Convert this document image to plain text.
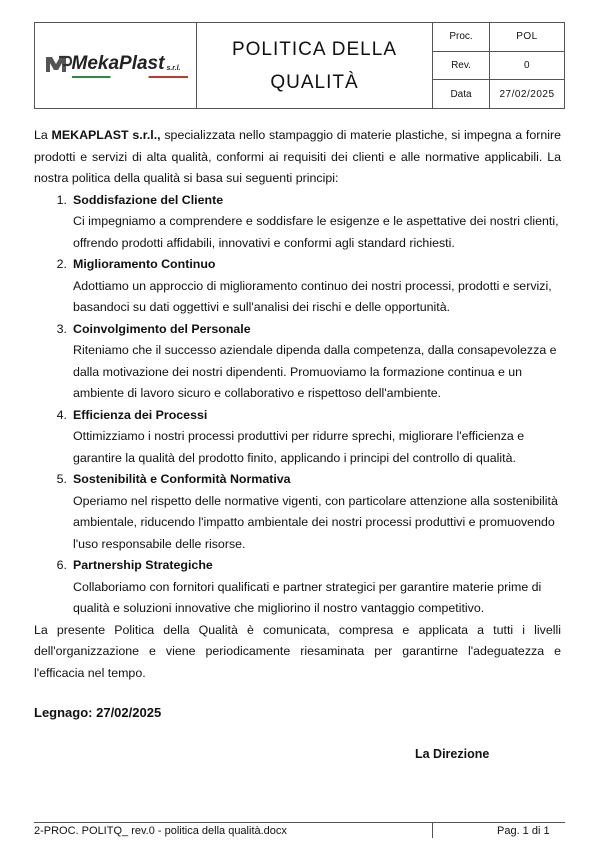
MekaPlast s.r.l.
POLITICA DELLA QUALITÀ
Proc.	POL
Rev.	0
Data	27/02/2025

La MEKAPLAST s.r.l., specializzata nello stampaggio di materie plastiche, si impegna a fornire prodotti e servizi di alta qualità, conformi ai requisiti dei clienti e alle normative applicabili. La nostra politica della qualità si basa sui seguenti principi:

1. Soddisfazione del Cliente
Ci impegniamo a comprendere e soddisfare le esigenze e le aspettative dei nostri clienti, offrendo prodotti affidabili, innovativi e conformi agli standard richiesti.
2. Miglioramento Continuo
Adottiamo un approccio di miglioramento continuo dei nostri processi, prodotti e servizi, basandoci su dati oggettivi e sull'analisi dei rischi e delle opportunità.
3. Coinvolgimento del Personale
Riteniamo che il successo aziendale dipenda dalla competenza, dalla consapevolezza e dalla motivazione dei nostri dipendenti. Promuoviamo la formazione continua e un ambiente di lavoro sicuro e collaborativo e rispettoso dell'ambiente.
4. Efficienza dei Processi
Ottimizziamo i nostri processi produttivi per ridurre sprechi, migliorare l'efficienza e garantire la qualità del prodotto finito, applicando i principi del controllo di qualità.
5. Sostenibilità e Conformità Normativa
Operiamo nel rispetto delle normative vigenti, con particolare attenzione alla sostenibilità ambientale, riducendo l'impatto ambientale dei nostri processi produttivi e promuovendo l'uso responsabile delle risorse.
6. Partnership Strategiche
Collaboriamo con fornitori qualificati e partner strategici per garantire materie prime di qualità e soluzioni innovative che migliorino il nostro vantaggio competitivo.

La presente Politica della Qualità è comunicata, compresa e applicata a tutti i livelli dell'organizzazione e viene periodicamente riesaminata per garantirne l'adeguatezza e l'efficacia nel tempo.

Legnago: 27/02/2025
La Direzione
2-PROC. POLITQ_ rev.0 - politica della qualità.docx	Pag. 1 di 1
